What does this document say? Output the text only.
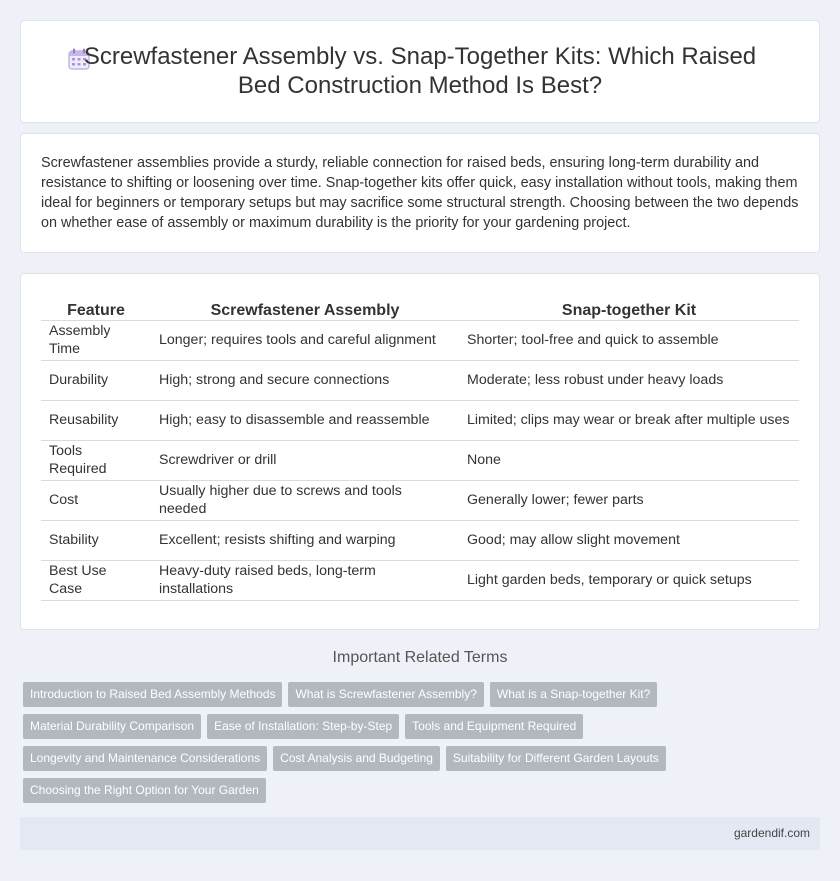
Screwfastener Assembly vs. Snap-Together Kits: Which Raised
Bed Construction Method Is Best?

Screwfastener assemblies provide a sturdy, reliable connection for raised beds, ensuring long-term durability and resistance to shifting or loosening over time. Snap-together kits offer quick, easy installation without tools, making them ideal for beginners or temporary setups but may sacrifice some structural strength. Choosing between the two depends on whether ease of assembly or maximum durability is the priority for your gardening project.

Feature	Screwfastener Assembly	Snap-together Kit
Assembly Time	Longer; requires tools and careful alignment	Shorter; tool-free and quick to assemble
Durability	High; strong and secure connections	Moderate; less robust under heavy loads
Reusability	High; easy to disassemble and reassemble	Limited; clips may wear or break after multiple uses
Tools Required	Screwdriver or drill	None
Cost	Usually higher due to screws and tools needed	Generally lower; fewer parts
Stability	Excellent; resists shifting and warping	Good; may allow slight movement
Best Use Case	Heavy-duty raised beds, long-term installations	Light garden beds, temporary or quick setups
Important Related Terms
Introduction to Raised Bed Assembly Methods What is Screwfastener Assembly? What is a Snap-together Kit?
Material Durability Comparison Ease of Installation: Step-by-Step Tools and Equipment Required
Longevity and Maintenance Considerations Cost Analysis and Budgeting Suitability for Different Garden Layouts
Choosing the Right Option for Your Garden
gardendif.com
